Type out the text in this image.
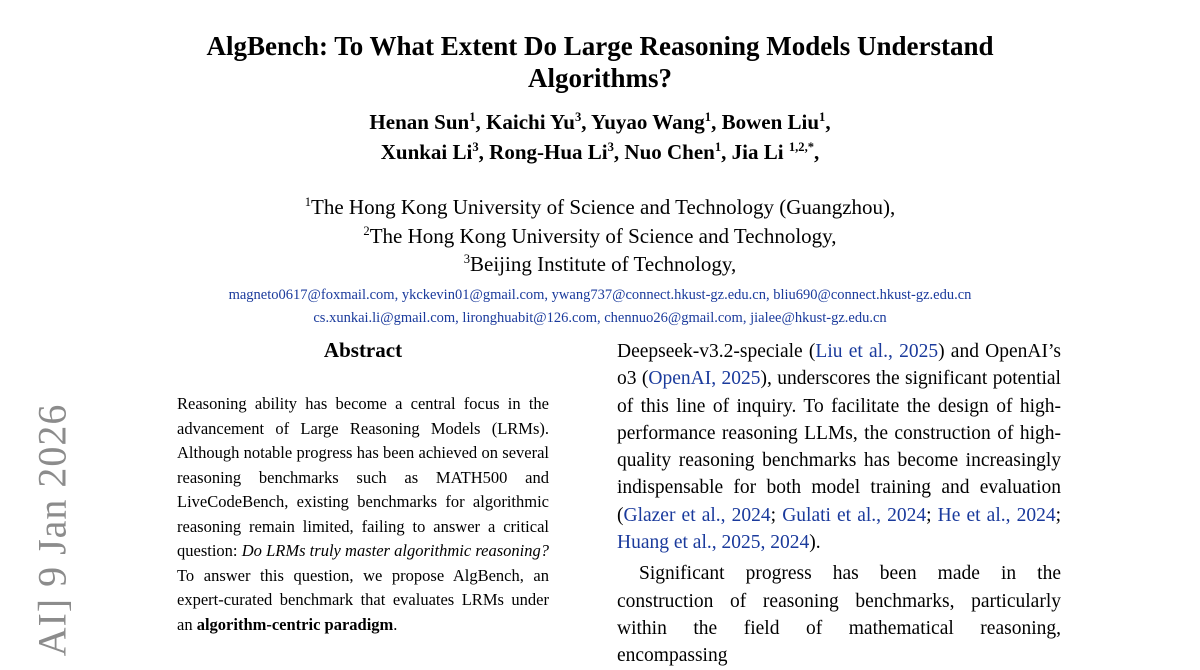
AI] 9 Jan 2026
AlgBench: To What Extent Do Large Reasoning Models Understand
Algorithms?
Henan Sun$^1$, Kaichi Yu$^3$, Yuyao Wang$^1$, Bowen Liu$^1$,
Xunkai Li$^3$, Rong-Hua Li$^3$, Nuo Chen$^1$, Jia Li $^{1,2,*}$,
$^1$The Hong Kong University of Science and Technology (Guangzhou),
$^2$The Hong Kong University of Science and Technology,
$^3$Beijing Institute of Technology,
magneto0617@foxmail.com, ykckevin01@gmail.com, ywang737@connect.hkust-gz.edu.cn, bliu690@connect.hkust-gz.edu.cn
cs.xunkai.li@gmail.com, lironghuabit@126.com, chennuo26@gmail.com, jialee@hkust-gz.edu.cn
Abstract
Reasoning ability has become a central focus in the advancement of Large Reasoning Models (LRMs). Although notable progress has been achieved on several reasoning benchmarks such as MATH500 and LiveCodeBench, existing benchmarks for algorithmic reasoning remain limited, failing to answer a critical question: Do LRMs truly master algorithmic reasoning? To answer this question, we propose AlgBench, an expert-curated benchmark that evaluates LRMs under an algorithm-centric paradigm.

Deepseek-v3.2-speciale (Liu et al., 2025) and OpenAI’s o3 (OpenAI, 2025), underscores the significant potential of this line of inquiry. To facilitate the design of high-performance reasoning LLMs, the construction of high-quality reasoning benchmarks has become increasingly indispensable for both model training and evaluation (Glazer et al., 2024; Gulati et al., 2024; He et al., 2024; Huang et al., 2025, 2024).

Significant progress has been made in the construction of reasoning benchmarks, particularly within the field of mathematical reasoning, encompassing
